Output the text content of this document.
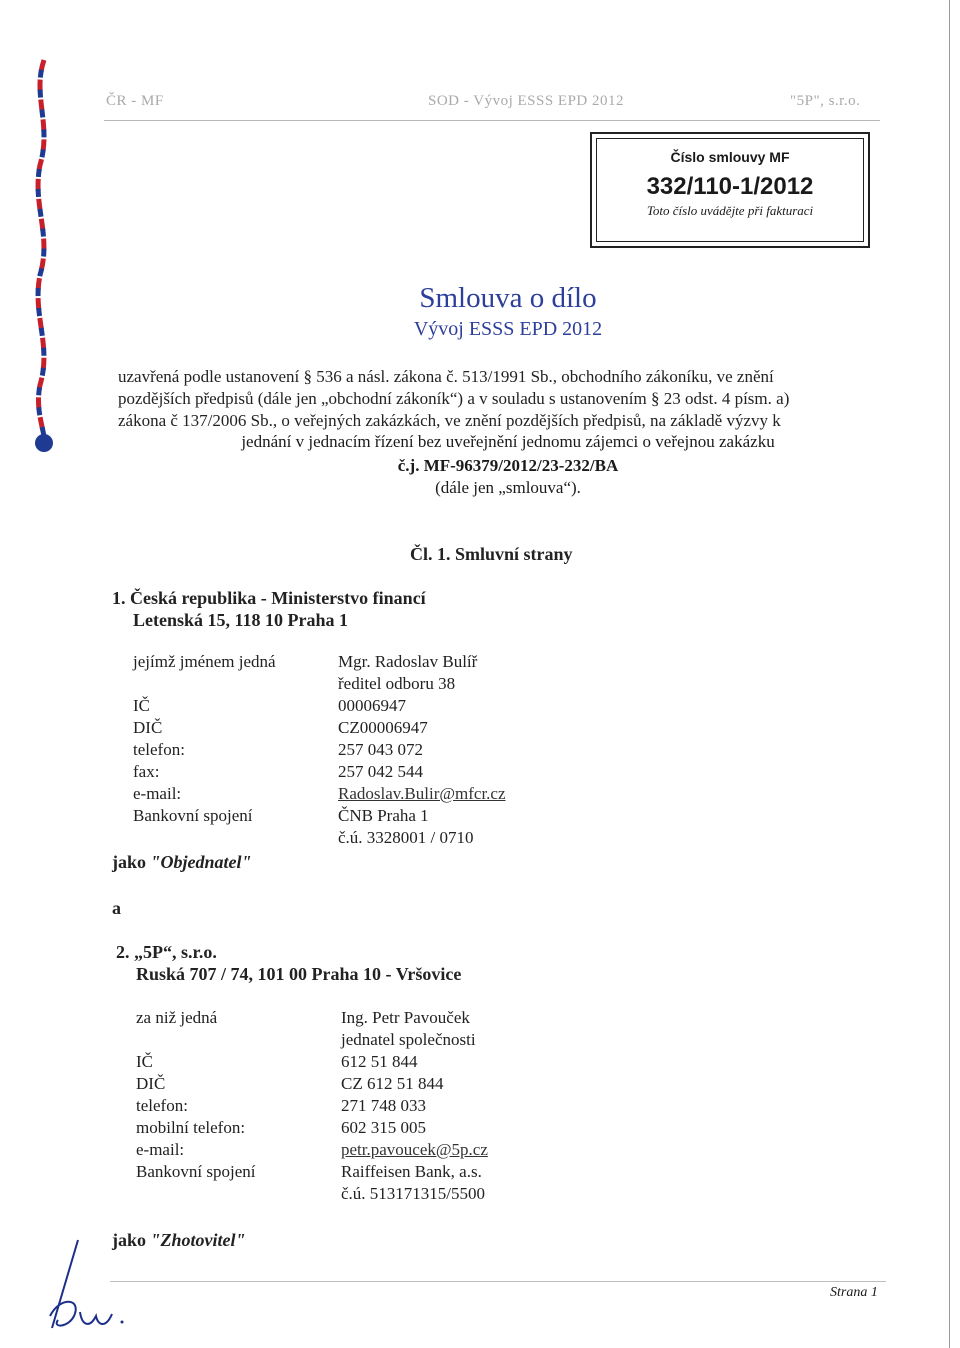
ČR - MF	SOD - Vývoj ESSS EPD 2012	"5P", s.r.o.
Číslo smlouvy MF
332/110-1/2012
Toto číslo uvádějte při fakturaci
Smlouva o dílo
Vývoj ESSS EPD 2012
uzavřená podle ustanovení § 536 a násl. zákona č. 513/1991 Sb., obchodního zákoníku, ve znění
pozdějších předpisů (dále jen „obchodní zákoník“) a v souladu s ustanovením § 23 odst. 4 písm. a)
zákona č 137/2006 Sb., o veřejných zakázkách, ve znění pozdějších předpisů, na základě výzvy k
jednání v jednacím řízení bez uveřejnění jednomu zájemci o veřejnou zakázku
č.j. MF-96379/2012/23-232/BA
(dále jen „smlouva“).
Čl. 1. Smluvní strany
1. Česká republika - Ministerstvo financí
Letenská 15, 118 10 Praha 1
jejímž jménem jedná	Mgr. Radoslav Bulíř
ředitel odboru 38
IČ	00006947
DIČ	CZ00006947
telefon:	257 043 072
fax:	257 042 544
e-mail:	Radoslav.Bulir@mfcr.cz
Bankovní spojení	ČNB Praha 1
č.ú. 3328001 / 0710
jako "Objednatel"
a
2. „5P“, s.r.o.
Ruská 707 / 74, 101 00 Praha 10 - Vršovice
za niž jedná	Ing. Petr Pavouček
jednatel společnosti
IČ	612 51 844
DIČ	CZ 612 51 844
telefon:	271 748 033
mobilní telefon:	602 315 005
e-mail:	petr.pavoucek@5p.cz
Bankovní spojení	Raiffeisen Bank, a.s.
č.ú. 513171315/5500
jako "Zhotovitel"
Strana 1
